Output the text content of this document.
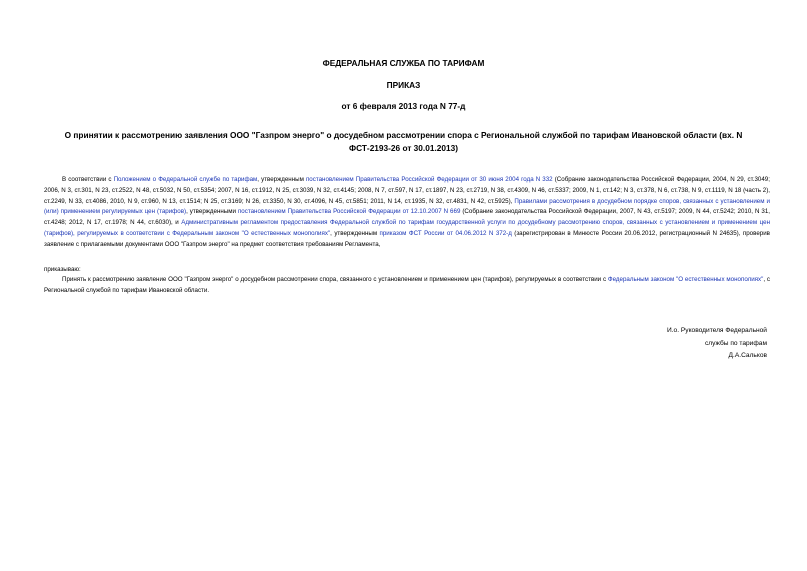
ФЕДЕРАЛЬНАЯ СЛУЖБА ПО ТАРИФАМ
ПРИКАЗ
от 6 февраля 2013 года N 77-д
О принятии к рассмотрению заявления ООО "Газпром энерго" о досудебном рассмотрении спора с Региональной службой по тарифам Ивановской области (вх. N ФСТ-2193-26 от 30.01.2013)
В соответствии с Положением о Федеральной службе по тарифам, утвержденным постановлением Правительства Российской Федерации от 30 июня 2004 года N 332 (Собрание законодательства Российской Федерации, 2004, N 29, ст.3049; 2006, N 3, ст.301, N 23, ст.2522, N 48, ст.5032, N 50, ст.5354; 2007, N 16, ст.1912, N 25, ст.3039, N 32, ст.4145; 2008, N 7, ст.597, N 17, ст.1897, N 23, ст.2719, N 38, ст.4309, N 46, ст.5337; 2009, N 1, ст.142; N 3, ст.378, N 6, ст.738, N 9, ст.1119, N 18 (часть 2), ст.2249, N 33, ст.4086, 2010, N 9, ст.960, N 13, ст.1514; N 25, ст.3169; N 26, ст.3350, N 30, ст.4096, N 45, ст.5851; 2011, N 14, ст.1935, N 32, ст.4831, N 42, ст.5925), Правилами рассмотрения в досудебном порядке споров, связанных с установлением и (или) применением регулируемых цен (тарифов), утвержденными постановлением Правительства Российской Федерации от 12.10.2007 N 669 (Собрание законодательства Российской Федерации, 2007, N 43, ст.5197; 2009, N 44, ст.5242; 2010, N 31, ст.4248; 2012, N 17, ст.1978; N 44, ст.6030), и Административным регламентом предоставления Федеральной службой по тарифам государственной услуги по досудебному рассмотрению споров, связанных с установлением и применением цен (тарифов), регулируемых в соответствии с Федеральным законом "О естественных монополиях", утвержденным приказом ФСТ России от 04.06.2012 N 372-д (зарегистрирован в Минюсте России 20.06.2012, регистрационный N 24635), проверив заявление с прилагаемыми документами ООО "Газпром энерго" на предмет соответствия требованиям Регламента,
приказываю:
Принять к рассмотрению заявление ООО "Газпром энерго" о досудебном рассмотрении спора, связанного с установлением и применением цен (тарифов), регулируемых в соответствии с Федеральным законом "О естественных монополиях", с Региональной службой по тарифам Ивановской области.
И.о. Руководителя Федеральной
службы по тарифам
Д.А.Сальков
